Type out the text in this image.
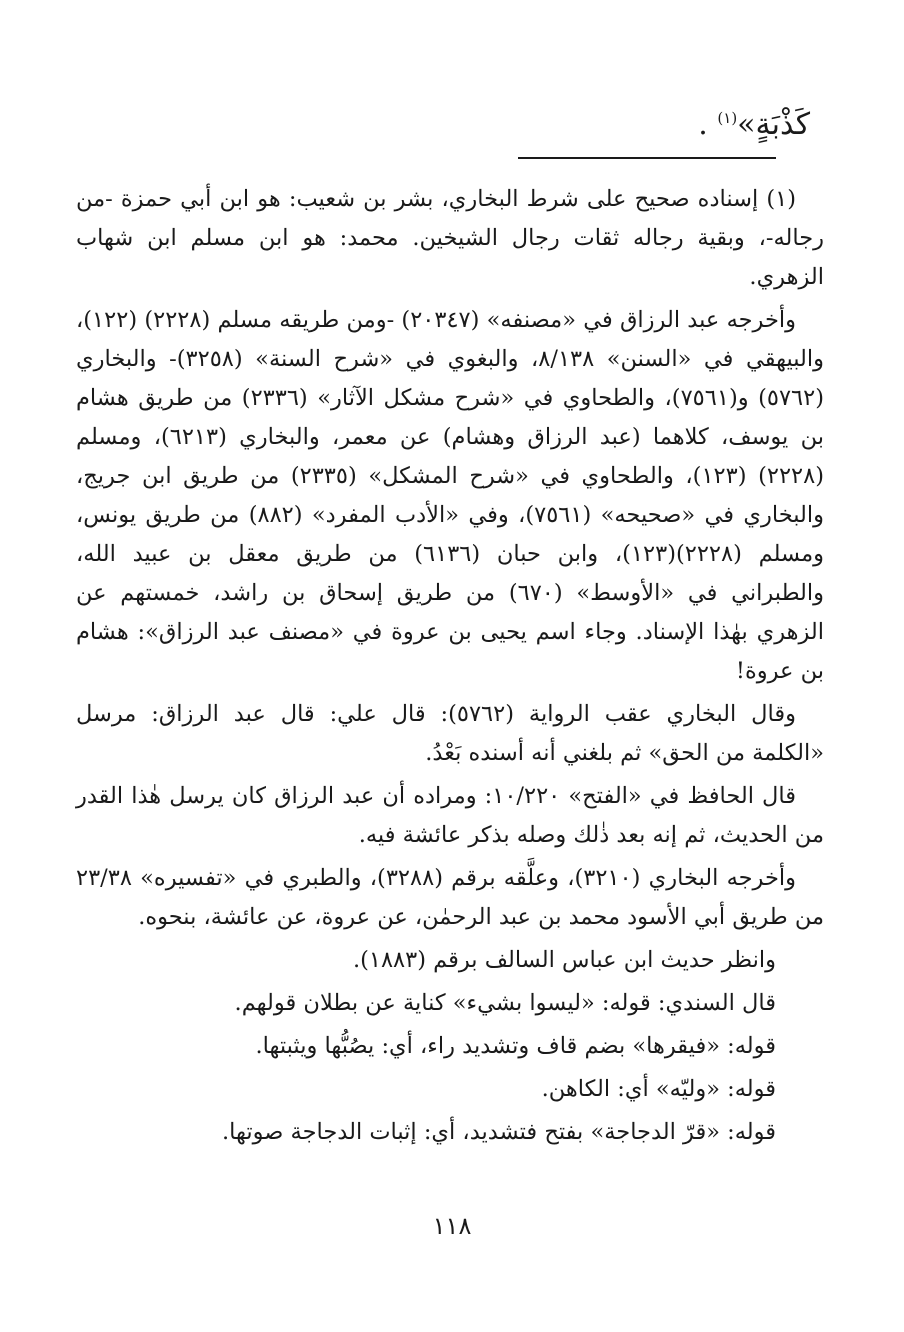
كَذْبَةٍ»$^{(١)}$ .

(١) إسناده صحيح على شرط البخاري، بشر بن شعيب: هو ابن أبي حمزة -من رجاله-، وبقية رجاله ثقات رجال الشيخين. محمد: هو ابن مسلم ابن شهاب الزهري.

وأخرجه عبد الرزاق في «مصنفه» (٢٠٣٤٧) -ومن طريقه مسلم (٢٢٢٨) (١٢٢)، والبيهقي في «السنن» ٨/١٣٨، والبغوي في «شرح السنة» (٣٢٥٨)- والبخاري (٥٧٦٢) و(٧٥٦١)، والطحاوي في «شرح مشكل الآثار» (٢٣٣٦) من طريق هشام بن يوسف، كلاهما (عبد الرزاق وهشام) عن معمر، والبخاري (٦٢١٣)، ومسلم (٢٢٢٨) (١٢٣)، والطحاوي في «شرح المشكل» (٢٣٣٥) من طريق ابن جريج، والبخاري في «صحيحه» (٧٥٦١)، وفي «الأدب المفرد» (٨٨٢) من طريق يونس، ومسلم (٢٢٢٨)(١٢٣)، وابن حبان (٦١٣٦) من طريق معقل بن عبيد الله، والطبراني في «الأوسط» (٦٧٠) من طريق إسحاق بن راشد، خمستهم عن الزهري بهٰذا الإسناد. وجاء اسم يحيى بن عروة في «مصنف عبد الرزاق»: هشام بن عروة!

وقال البخاري عقب الرواية (٥٧٦٢): قال علي: قال عبد الرزاق: مرسل «الكلمة من الحق» ثم بلغني أنه أسنده بَعْدُ.

قال الحافظ في «الفتح» ١٠/٢٢٠: ومراده أن عبد الرزاق كان يرسل هٰذا القدر من الحديث، ثم إنه بعد ذٰلك وصله بذكر عائشة فيه.

وأخرجه البخاري (٣٢١٠)، وعلَّقه برقم (٣٢٨٨)، والطبري في «تفسيره» ٢٣/٣٨ من طريق أبي الأسود محمد بن عبد الرحمٰن، عن عروة، عن عائشة، بنحوه.

وانظر حديث ابن عباس السالف برقم (١٨٨٣).

قال السندي: قوله: «ليسوا بشيء» كناية عن بطلان قولهم.

قوله: «فيقرها» بضم قاف وتشديد راء، أي: يصُبُّها ويثبتها.

قوله: «وليّه» أي: الكاهن.

قوله: «قرّ الدجاجة» بفتح فتشديد، أي: إثبات الدجاجة صوتها.

١١٨
